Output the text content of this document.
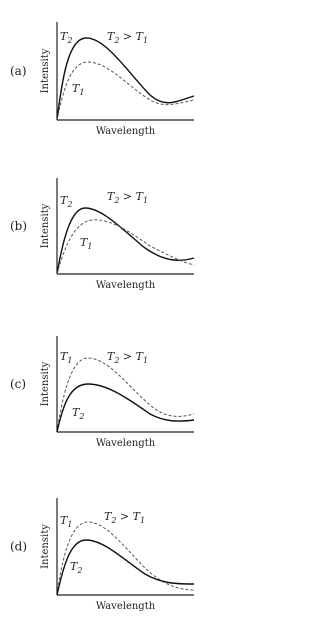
(a) Intensity
Wavelength
$T_2$
$T_1$
$T_2 > T_1$
(b) Intensity
Wavelength
$T_2$
$T_1$
$T_2 > T_1$
(c) Intensity
Wavelength
$T_1$
$T_2$
$T_2 > T_1$
(d) Intensity
Wavelength
$T_1$
$T_2$
$T_2 > T_1$
